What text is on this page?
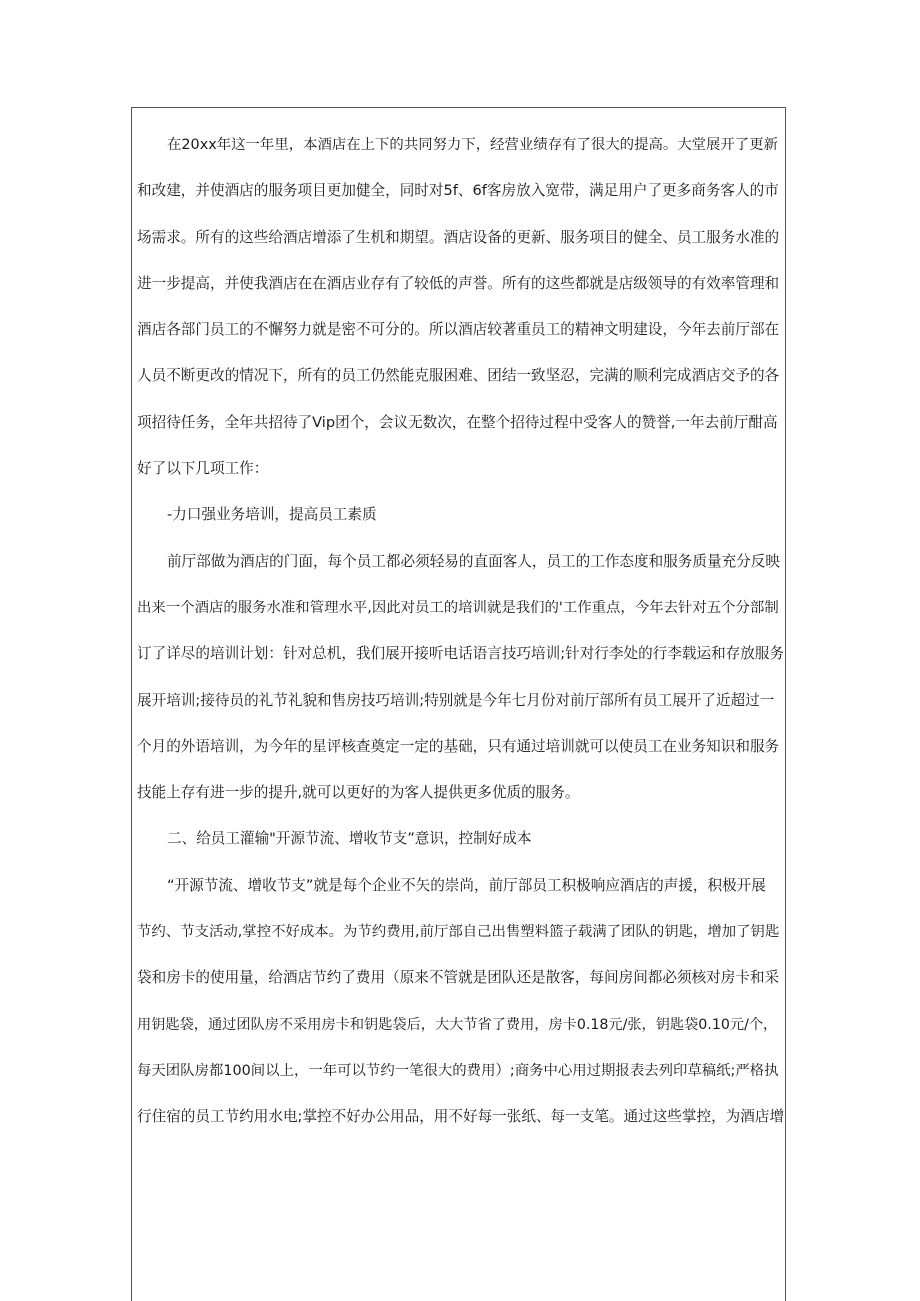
在20xx年这一年里，本酒店在上下的共同努力下，经营业绩存有了很大的提高。大堂展开了更新
和改建，并使酒店的服务项目更加健全，同时对5f、6f客房放入宽带，满足用户了更多商务客人的市
场需求。所有的这些给酒店增添了生机和期望。酒店设备的更新、服务项目的健全、员工服务水准的
进一步提高，并使我酒店在在酒店业存有了较低的声誉。所有的这些都就是店级领导的有效率管理和
酒店各部门员工的不懈努力就是密不可分的。所以酒店较著重员工的精神文明建设，今年去前厅部在
人员不断更改的情况下，所有的员工仍然能克服困难、团结一致坚忍，完满的顺利完成酒店交予的各
项招待任务，全年共招待了Vip团个，会议无数次，在整个招待过程中受客人的赞誉,一年去前厅酣高
好了以下几项工作：
-力口强业务培训，提高员工素质
前厅部做为酒店的门面，每个员工都必须轻易的直面客人，员工的工作态度和服务质量充分反映
出来一个酒店的服务水准和管理水平,因此对员工的培训就是我们的'工作重点，今年去针对五个分部制
订了详尽的培训计划：针对总机，我们展开接听电话语言技巧培训;针对行李处的行李载运和存放服务
展开培训;接待员的礼节礼貌和售房技巧培训;特别就是今年七月份对前厅部所有员工展开了近超过一
个月的外语培训，为今年的星评核查奠定一定的基础，只有通过培训就可以使员工在业务知识和服务
技能上存有进一步的提升,就可以更好的为客人提供更多优质的服务。
二、给员工灌输"开源节流、增收节支”意识，控制好成本
“开源节流、增收节支”就是每个企业不矢的崇尚，前厅部员工积极响应酒店的声援，积极开展
节约、节支活动,掌控不好成本。为节约费用,前厅部自己出售塑料篮子载满了团队的钥匙，增加了钥匙
袋和房卡的使用量，给酒店节约了费用（原来不管就是团队还是散客，每间房间都必须核对房卡和采
用钥匙袋，通过团队房不采用房卡和钥匙袋后，大大节省了费用，房卡0.18元/张，钥匙袋0.10元/个，
每天团队房都100间以上，一年可以节约一笔很大的费用）;商务中心用过期报表去列印草稿纸;严格执
行住宿的员工节约用水电;掌控不好办公用品，用不好每一张纸、每一支笔。通过这些掌控，为酒店增
